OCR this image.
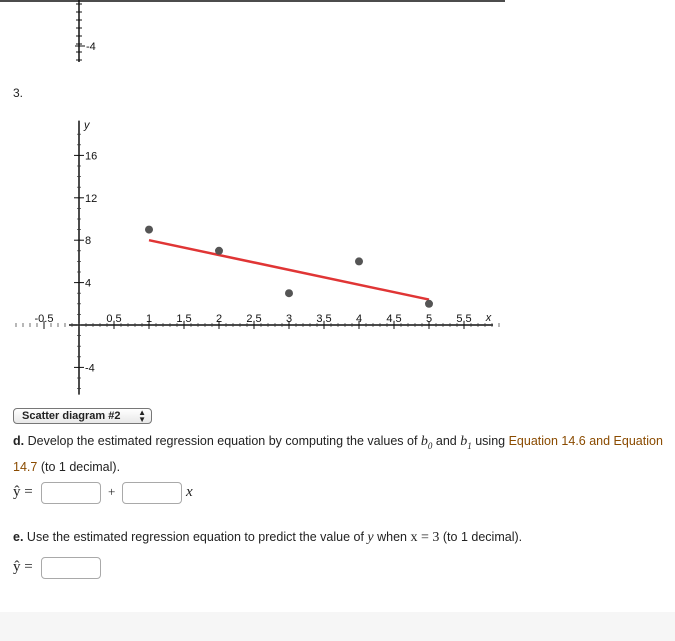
-4
-0.5	0.5 1 1.5 2 2.5 3 3.5 4 4.5 5 5.5 x
16
12
8
4
-4
y
3.
Scatter diagram #2 ▲
▼
d. Develop the estimated regression equation by computing the values of $b_0$ and $b_1$ using Equation 14.6 and Equation 14.7 (to 1 decimal).
ŷ =	+	x
e. Use the estimated regression equation to predict the value of y when x = 3 (to 1 decimal).
ŷ =
